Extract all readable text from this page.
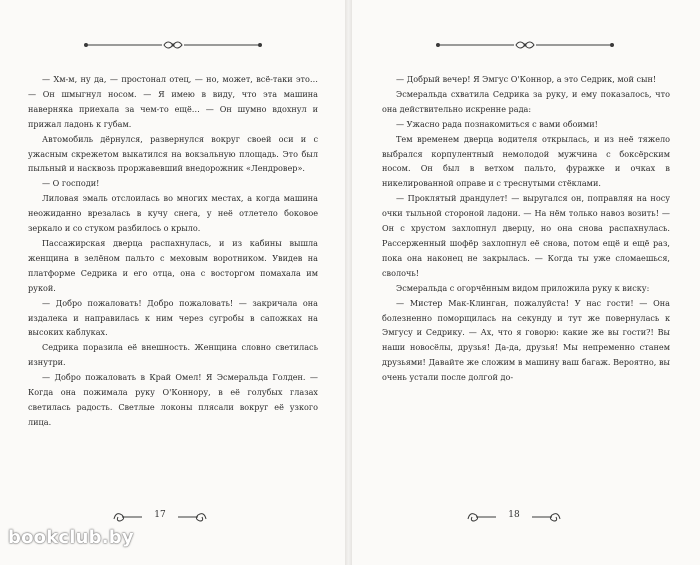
— Хм-м, ну да, — простонал отец, — но, может, всё-таки это… — Он шмыгнул носом. — Я имею в виду, что эта машина наверняка приехала за чем-то ещё… — Он шумно вдохнул и прижал ладонь к губам.

Автомобиль дёрнулся, развернулся вокруг своей оси и с ужасным скрежетом выкатился на вокзальную площадь. Это был пыльный и насквозь проржавевший внедорожник «Лендровер».

— О господи!

Лиловая эмаль отслоилась во многих местах, а когда машина неожиданно врезалась в кучу снега, у неё отлетело боковое зеркало и со стуком разбилось о крыло.

Пассажирская дверца распахнулась, и из кабины вышла женщина в зелёном пальто с меховым воротником. Увидев на платформе Седрика и его отца, она с восторгом помахала им рукой.

— Добро пожаловать! Добро пожаловать! — закричала она издалека и направилась к ним через сугробы в сапожках на высоких каблуках.

Седрика поразила её внешность. Женщина словно светилась изнутри.

— Добро пожаловать в Край Омел! Я Эсмеральда Голден. — Когда она пожимала руку О'Коннору, в её голубых глазах светилась радость. Светлые локоны плясали вокруг её узкого лица.

17
bookclub.by

— Добрый вечер! Я Эмгус О'Коннор, а это Седрик, мой сын!

Эсмеральда схватила Седрика за руку, и ему показалось, что она действительно искренне рада:

— Ужасно рада познакомиться с вами обоими!

Тем временем дверца водителя открылась, и из неё тяжело выбрался корпулентный немолодой мужчина с боксёрским носом. Он был в ветхом пальто, фуражке и очках в никелированной оправе и с треснутыми стёклами.

— Проклятый драндулет! — выругался он, поправляя на носу очки тыльной стороной ладони. — На нём только навоз возить! — Он с хрустом захлопнул дверцу, но она снова распахнулась. Рассерженный шофёр захлопнул её снова, потом ещё и ещё раз, пока она наконец не закрылась. — Когда ты уже сломаешься, сволочь!

Эсмеральда с огорчённым видом приложила руку к виску:

— Мистер Мак-Клинган, пожалуйста! У нас гости! — Она болезненно поморщилась на секунду и тут же повернулась к Эмгусу и Седрику. — Ах, что я говорю: какие же вы гости?! Вы наши новосёлы, друзья! Да-да, друзья! Мы непременно станем друзьями! Давайте же сложим в машину ваш багаж. Вероятно, вы очень устали после долгой до-

18
